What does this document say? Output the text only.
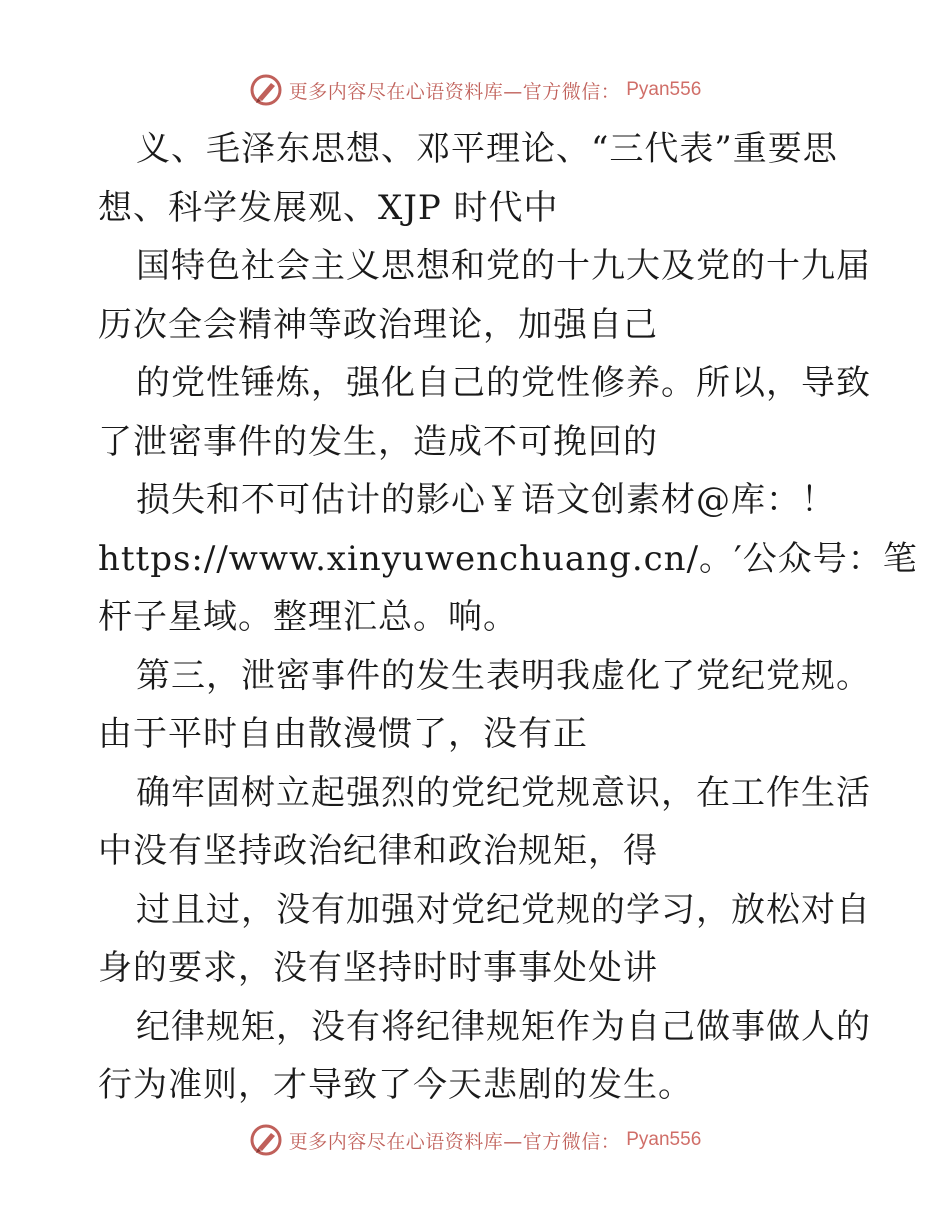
更多内容尽在心语资料库—官方微信： Pyan556
义、毛泽东思想、邓平理论、“三代表”重要思
想、科学发展观、XJP 时代中
国特色社会主义思想和党的十九大及党的十九届
历次全会精神等政治理论，加强自己
的党性锤炼，强化自己的党性修养。所以，导致
了泄密事件的发生，造成不可挽回的
损失和不可估计的影心￥语文创素材@库：！
https://www.xinyuwenchuang.cn/。′公众号：笔
杆子星域。整理汇总。响。
第三，泄密事件的发生表明我虚化了党纪党规。
由于平时自由散漫惯了，没有正
确牢固树立起强烈的党纪党规意识，在工作生活
中没有坚持政治纪律和政治规矩，得
过且过，没有加强对党纪党规的学习，放松对自
身的要求，没有坚持时时事事处处讲
纪律规矩，没有将纪律规矩作为自己做事做人的
行为准则，才导致了今天悲剧的发生。
更多内容尽在心语资料库—官方微信： Pyan556
